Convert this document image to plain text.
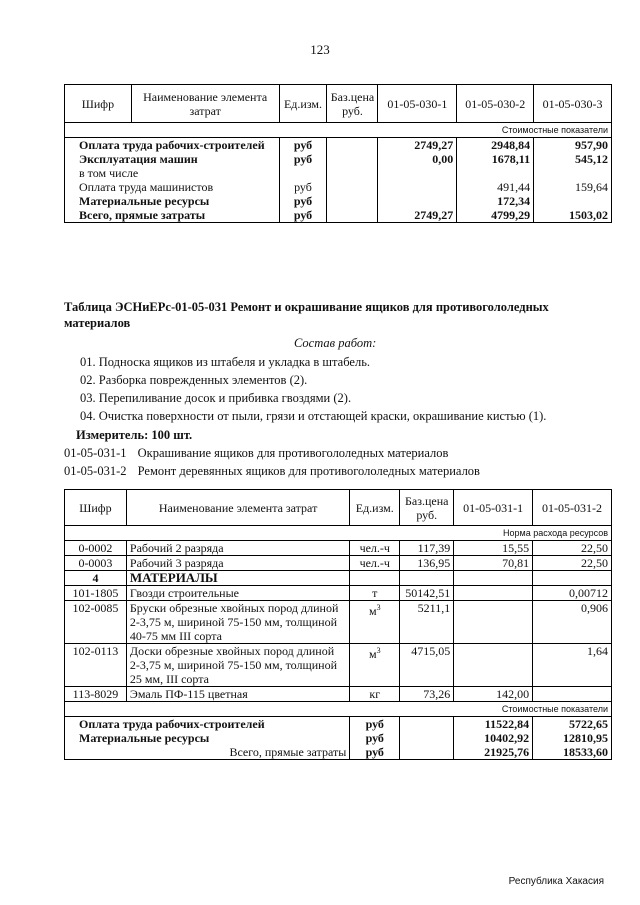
123
Шифр	Наименование элемента затрат	Ед.изм.	Баз.цена руб.	01-05-030-1	01-05-030-2	01-05-030-3
Стоимостные показатели						
Оплата труда рабочих-строителей		руб		2749,27	2948,84	957,90
Эксплуатация машин		руб		0,00	1678,11	545,12
в том числе						
Оплата труда машинистов		руб			491,44	159,64
Материальные ресурсы		руб			172,34	
Всего, прямые затраты		руб		2749,27	4799,29	1503,02
Таблица ЭСНиЕРс-01-05-031 Ремонт и окрашивание ящиков для противогололедных
материалов
Состав работ:
01. Подноска ящиков из штабеля и укладка в штабель.
02. Разборка поврежденных элементов (2).
03. Перепиливание досок и прибивка гвоздями (2).
04. Очистка поверхности от пыли, грязи и отстающей краски, окрашивание кистью (1).
Измеритель: 100 шт.
01-05-031-1 Окрашивание ящиков для противогололедных материалов
01-05-031-2 Ремонт деревянных ящиков для противогололедных материалов
Шифр	Наименование элемента затрат	Ед.изм.	Баз.цена руб.	01-05-031-1	01-05-031-2
Норма расхода ресурсов					
0-0002	Рабочий 2 разряда	чел.-ч	117,39	15,55	22,50
0-0003	Рабочий 3 разряда	чел.-ч	136,95	70,81	22,50
4	МАТЕРИАЛЫ				
101-1805	Гвозди строительные	т	50142,51		0,00712
102-0085	Бруски обрезные хвойных пород длиной 2-3,75 м, шириной 75-150 мм, толщиной 40-75 мм III сорта	$м^3$	5211,1		0,906
102-0113	Доски обрезные хвойных пород длиной 2-3,75 м, шириной 75-150 мм, толщиной 25 мм, III сорта	$м^3$	4715,05		1,64
113-8029	Эмаль ПФ-115 цветная	кг	73,26	142,00	
Стоимостные показатели					
Оплата труда рабочих-строителей		руб		11522,84	5722,65
Материальные ресурсы		руб		10402,92	12810,95
Всего, прямые затраты		руб		21925,76	18533,60
Республика Хакасия
